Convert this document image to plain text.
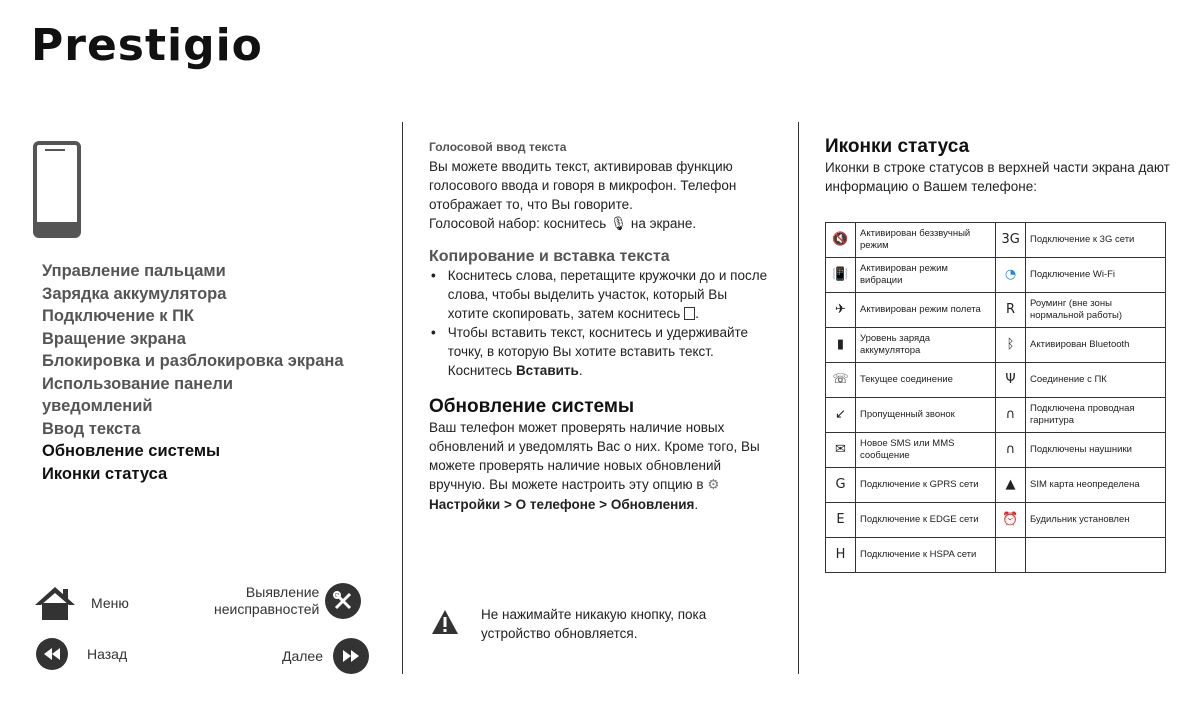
Prestigio
Управление пальцами
Зарядка аккумулятора
Подключение к ПК
Вращение экрана
Блокировка и разблокировка экрана
Использование панели
уведомлений
Ввод текста
Обновление системы
Иконки статуса
Меню
Выявление
неисправностей
Назад	Далее
Голосовой ввод текста
Вы можете вводить текст, активировав функцию голосового ввода и говоря в микрофон. Телефон отображает то, что Вы говорите.
Голосовой набор: коснитесь 🎙 на экране.
Копирование и вставка текста
• Коснитесь слова, перетащите кружочки до и после слова, чтобы выделить участок, который Вы хотите скопировать, затем коснитесь .
• Чтобы вставить текст, коснитесь и удерживайте точку, в которую Вы хотите вставить текст. Коснитесь Вставить.
Обновление системы
Ваш телефон может проверять наличие новых обновлений и уведомлять Вас о них. Кроме того, Вы можете проверять наличие новых обновлений вручную. Вы можете настроить эту опцию в ⚙ Настройки > О телефоне > Обновления.
Не нажимайте никакую кнопку, пока устройство обновляется.
Иконки статуса
Иконки в строке статусов в верхней части экрана дают информацию о Вашем телефоне:
🔇	Активирован беззвучный режим	3G	Подключение к 3G сети
📳	Активирован режим вибрации	◔	Подключение Wi-Fi
✈	Активирован режим полета	R	Роуминг (вне зоны нормальной работы)
▮	Уровень заряда аккумулятора	ᛒ	Активирован Bluetooth
☏	Текущее соединение	Ψ	Соединение с ПК
↙	Пропущенный звонок	∩	Подключена проводная гарнитура
✉	Новое SMS или MMS сообщение	∩	Подключены наушники
G	Подключение к GPRS сети	▲	SIM карта неопределена
E	Подключение к EDGE сети	⏰	Будильник установлен
H	Подключение к HSPA сети		
